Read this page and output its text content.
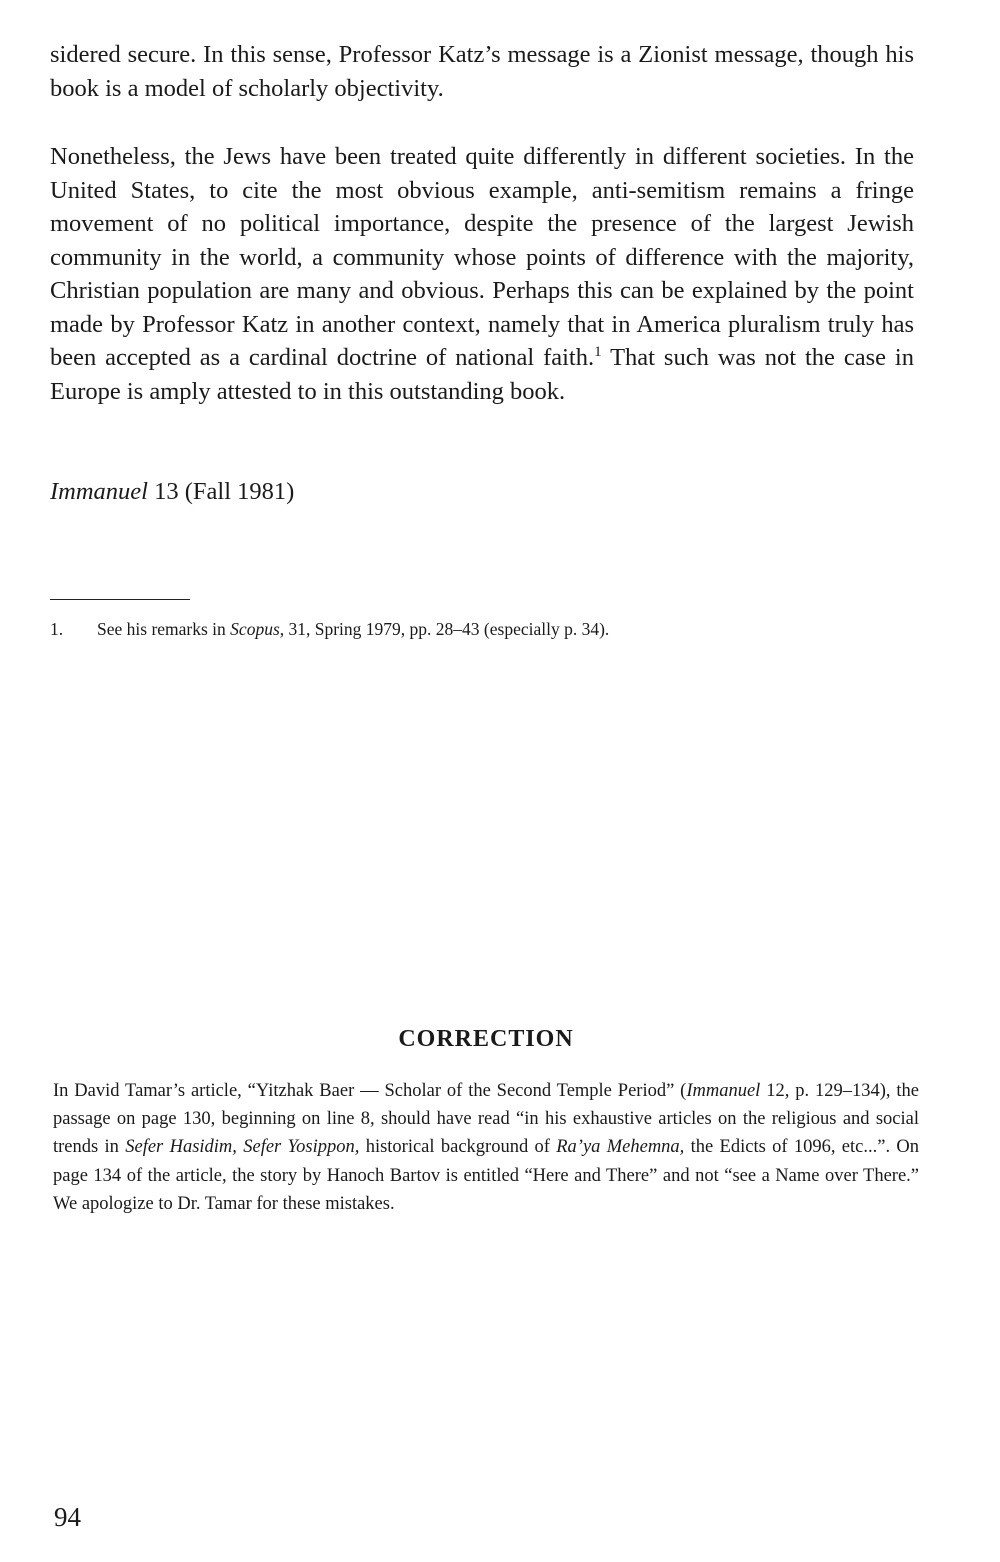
sidered secure. In this sense, Professor Katz’s message is a Zionist message, though his book is a model of scholarly objectivity.

Nonetheless, the Jews have been treated quite differently in different societies. In the United States, to cite the most obvious example, anti-semitism remains a fringe movement of no political importance, despite the presence of the largest Jewish community in the world, a community whose points of difference with the majority, Christian population are many and obvious. Perhaps this can be explained by the point made by Professor Katz in another context, namely that in America pluralism truly has been accepted as a cardinal doctrine of national faith.$^1$ That such was not the case in Europe is amply attested to in this outstanding book.

Immanuel 13 (Fall 1981)

1. See his remarks in Scopus, 31, Spring 1979, pp. 28–43 (especially p. 34).

CORRECTION

In David Tamar’s article, “Yitzhak Baer — Scholar of the Second Temple Period” (Immanuel 12, p. 129–134), the passage on page 130, beginning on line 8, should have read “in his exhaustive articles on the religious and social trends in Sefer Hasidim, Sefer Yosippon, historical background of Ra’ya Mehemna, the Edicts of 1096, etc...”. On page 134 of the article, the story by Hanoch Bartov is entitled “Here and There” and not “see a Name over There.” We apologize to Dr. Tamar for these mistakes.

94
